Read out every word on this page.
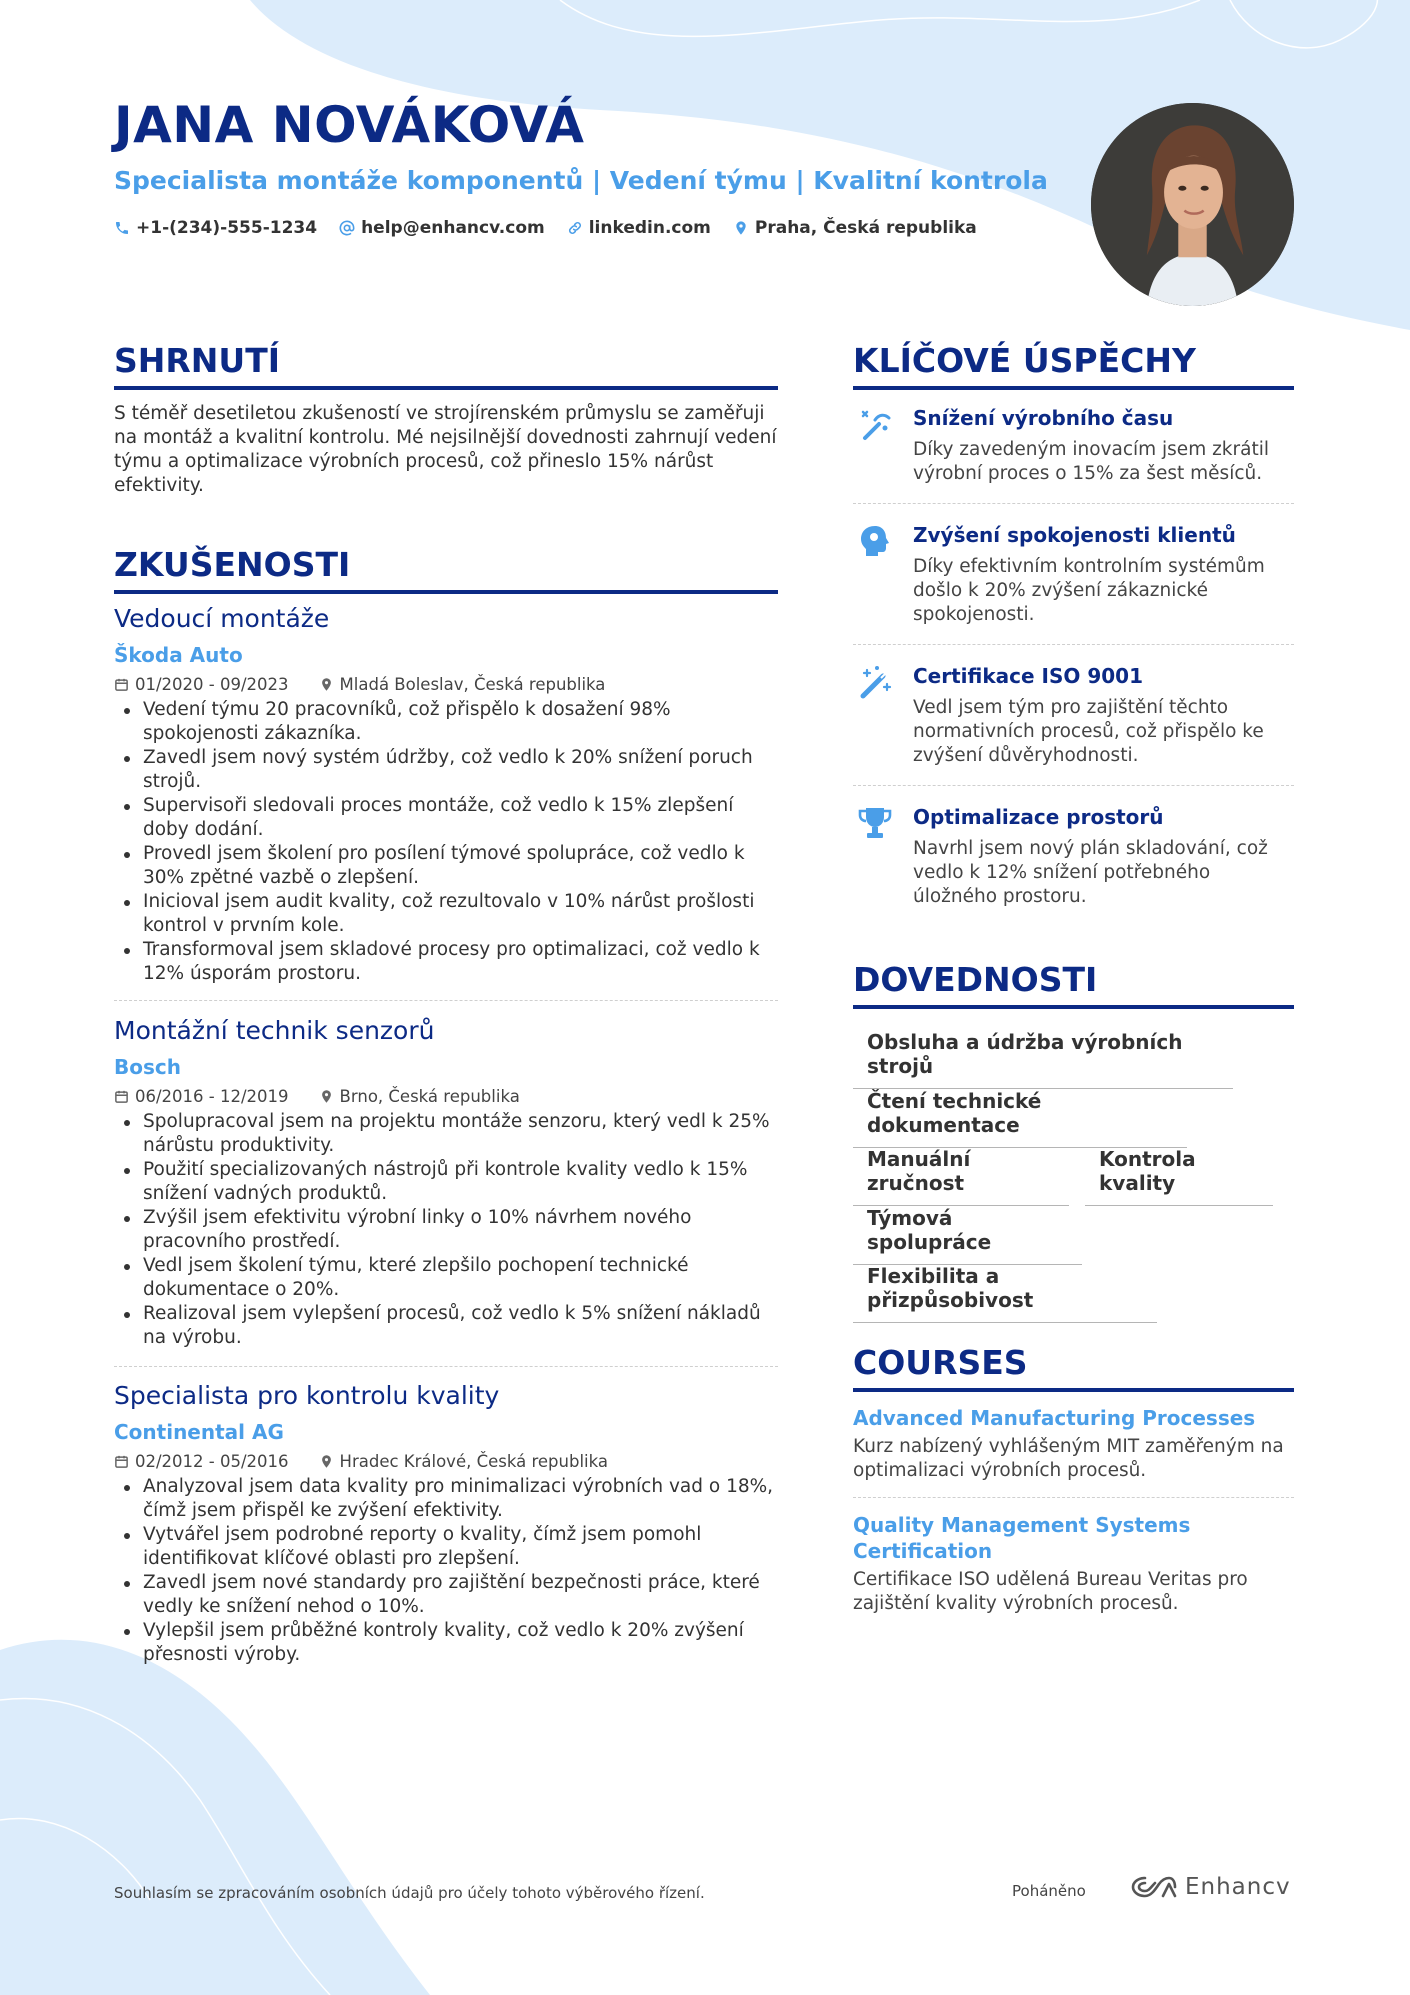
JANA NOVÁKOVÁ
Specialista montáže komponentů | Vedení týmu | Kvalitní kontrola
+1-(234)-555-1234	help@enhancv.com	linkedin.com	Praha, Česká republika
SHRNUTÍ
S téměř desetiletou zkušeností ve strojírenském průmyslu se zaměřuji na montáž a kvalitní kontrolu. Mé nejsilnější dovednosti zahrnují vedení týmu a optimalizace výrobních procesů, což přineslo 15% nárůst efektivity.
ZKUŠENOSTI
Vedoucí montáže
Škoda Auto
01/2020 - 09/2023	Mladá Boleslav, Česká republika
Vedení týmu 20 pracovníků, což přispělo k dosažení 98% spokojenosti zákazníka.
Zavedl jsem nový systém údržby, což vedlo k 20% snížení poruch strojů.
Supervisoři sledovali proces montáže, což vedlo k 15% zlepšení doby dodání.
Provedl jsem školení pro posílení týmové spolupráce, což vedlo k 30% zpětné vazbě o zlepšení.
Inicioval jsem audit kvality, což rezultovalo v 10% nárůst prošlosti kontrol v prvním kole.
Transformoval jsem skladové procesy pro optimalizaci, což vedlo k 12% úsporám prostoru.
Montážní technik senzorů
Bosch
06/2016 - 12/2019	Brno, Česká republika
Spolupracoval jsem na projektu montáže senzoru, který vedl k 25% nárůstu produktivity.
Použití specializovaných nástrojů při kontrole kvality vedlo k 15% snížení vadných produktů.
Zvýšil jsem efektivitu výrobní linky o 10% návrhem nového pracovního prostředí.
Vedl jsem školení týmu, které zlepšilo pochopení technické dokumentace o 20%.
Realizoval jsem vylepšení procesů, což vedlo k 5% snížení nákladů na výrobu.
Specialista pro kontrolu kvality
Continental AG
02/2012 - 05/2016	Hradec Králové, Česká republika
Analyzoval jsem data kvality pro minimalizaci výrobních vad o 18%, čímž jsem přispěl ke zvýšení efektivity.
Vytvářel jsem podrobné reporty o kvality, čímž jsem pomohl identifikovat klíčové oblasti pro zlepšení.
Zavedl jsem nové standardy pro zajištění bezpečnosti práce, které vedly ke snížení nehod o 10%.
Vylepšil jsem průběžné kontroly kvality, což vedlo k 20% zvýšení přesnosti výroby.
KLÍČOVÉ ÚSPĚCHY
Snížení výrobního času
Díky zavedeným inovacím jsem zkrátil výrobní proces o 15% za šest měsíců.
Zvýšení spokojenosti klientů
Díky efektivním kontrolním systémům došlo k 20% zvýšení zákaznické spokojenosti.
Certifikace ISO 9001
Vedl jsem tým pro zajištění těchto normativních procesů, což přispělo ke zvýšení důvěryhodnosti.
Optimalizace prostorů
Navrhl jsem nový plán skladování, což vedlo k 12% snížení potřebného úložného prostoru.
DOVEDNOSTI
Obsluha a údržba výrobních strojů
Čtení technické dokumentace
Manuální zručnost
Kontrola kvality
Týmová spolupráce
Flexibilita a přizpůsobivost
COURSES
Advanced Manufacturing Processes
Kurz nabízený vyhlášeným MIT zaměřeným na optimalizaci výrobních procesů.
Quality Management Systems Certification
Certifikace ISO udělená Bureau Veritas pro zajištění kvality výrobních procesů.
Souhlasím se zpracováním osobních údajů pro účely tohoto výběrového řízení.	Poháněno	Enhancv
